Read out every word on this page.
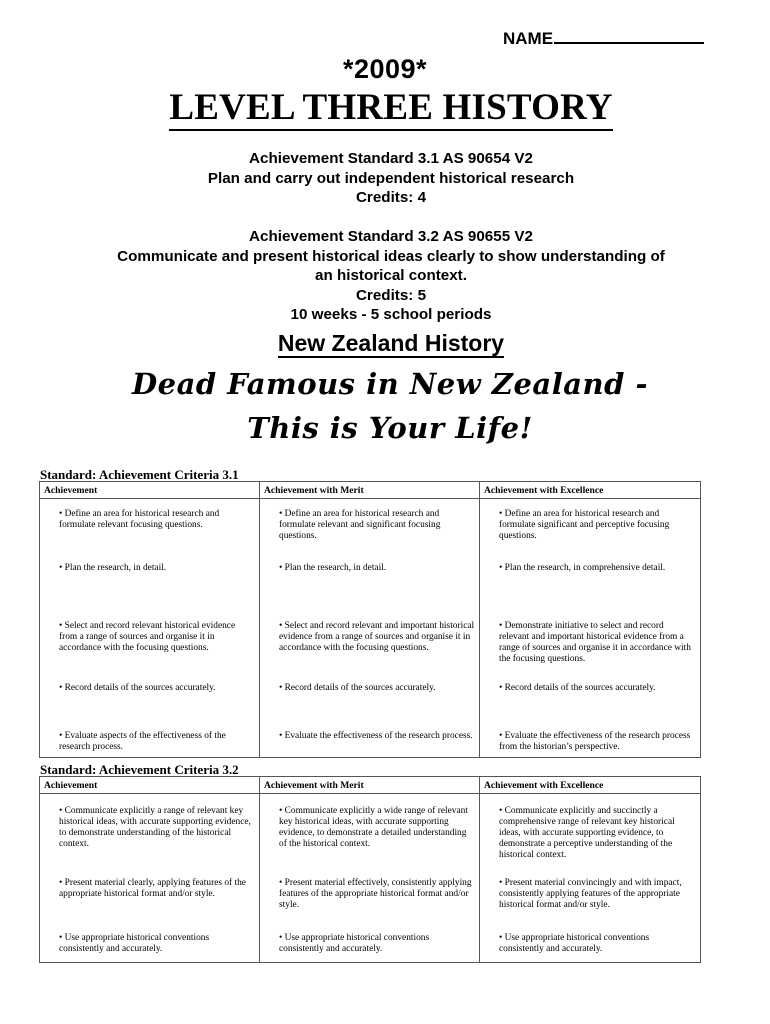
NAME
*2009*
LEVEL THREE HISTORY
Achievement Standard 3.1 AS 90654 V2
Plan and carry out independent historical research
Credits: 4
Achievement Standard 3.2 AS 90655 V2
Communicate and present historical ideas clearly to show understanding of
an historical context.
Credits: 5
10 weeks - 5 school periods
New Zealand History
Dead Famous in New Zealand -
This is Your Life!
Standard: Achievement Criteria 3.1
Achievement	Achievement with Merit	Achievement with Excellence
• Define an area for historical research and formulate relevant focusing questions.	• Define an area for historical research and formulate relevant and significant focusing questions.	• Define an area for historical research and formulate significant and perceptive focusing questions.
• Plan the research, in detail.	• Plan the research, in detail.	• Plan the research, in comprehensive detail.
• Select and record relevant historical evidence from a range of sources and organise it in accordance with the focusing questions.	• Select and record relevant and important historical evidence from a range of sources and organise it in accordance with the focusing questions.	• Demonstrate initiative to select and record relevant and important historical evidence from a range of sources and organise it in accordance with the focusing questions.
• Record details of the sources accurately.	• Record details of the sources accurately.	• Record details of the sources accurately.
• Evaluate aspects of the effectiveness of the research process.	• Evaluate the effectiveness of the research process.	• Evaluate the effectiveness of the research process from the historian’s perspective.
Standard: Achievement Criteria 3.2
Achievement	Achievement with Merit	Achievement with Excellence
• Communicate explicitly a range of relevant key historical ideas, with accurate supporting evidence, to demonstrate understanding of the historical context.	• Communicate explicitly a wide range of relevant key historical ideas, with accurate supporting evidence, to demonstrate a detailed understanding of the historical context.	• Communicate explicitly and succinctly a comprehensive range of relevant key historical ideas, with accurate supporting evidence, to demonstrate a perceptive understanding of the historical context.
• Present material clearly, applying features of the appropriate historical format and/or style.	• Present material effectively, consistently applying features of the appropriate historical format and/or style.	• Present material convincingly and with impact, consistently applying features of the appropriate historical format and/or style.
• Use appropriate historical conventions consistently and accurately.	• Use appropriate historical conventions consistently and accurately.	• Use appropriate historical conventions consistently and accurately.
